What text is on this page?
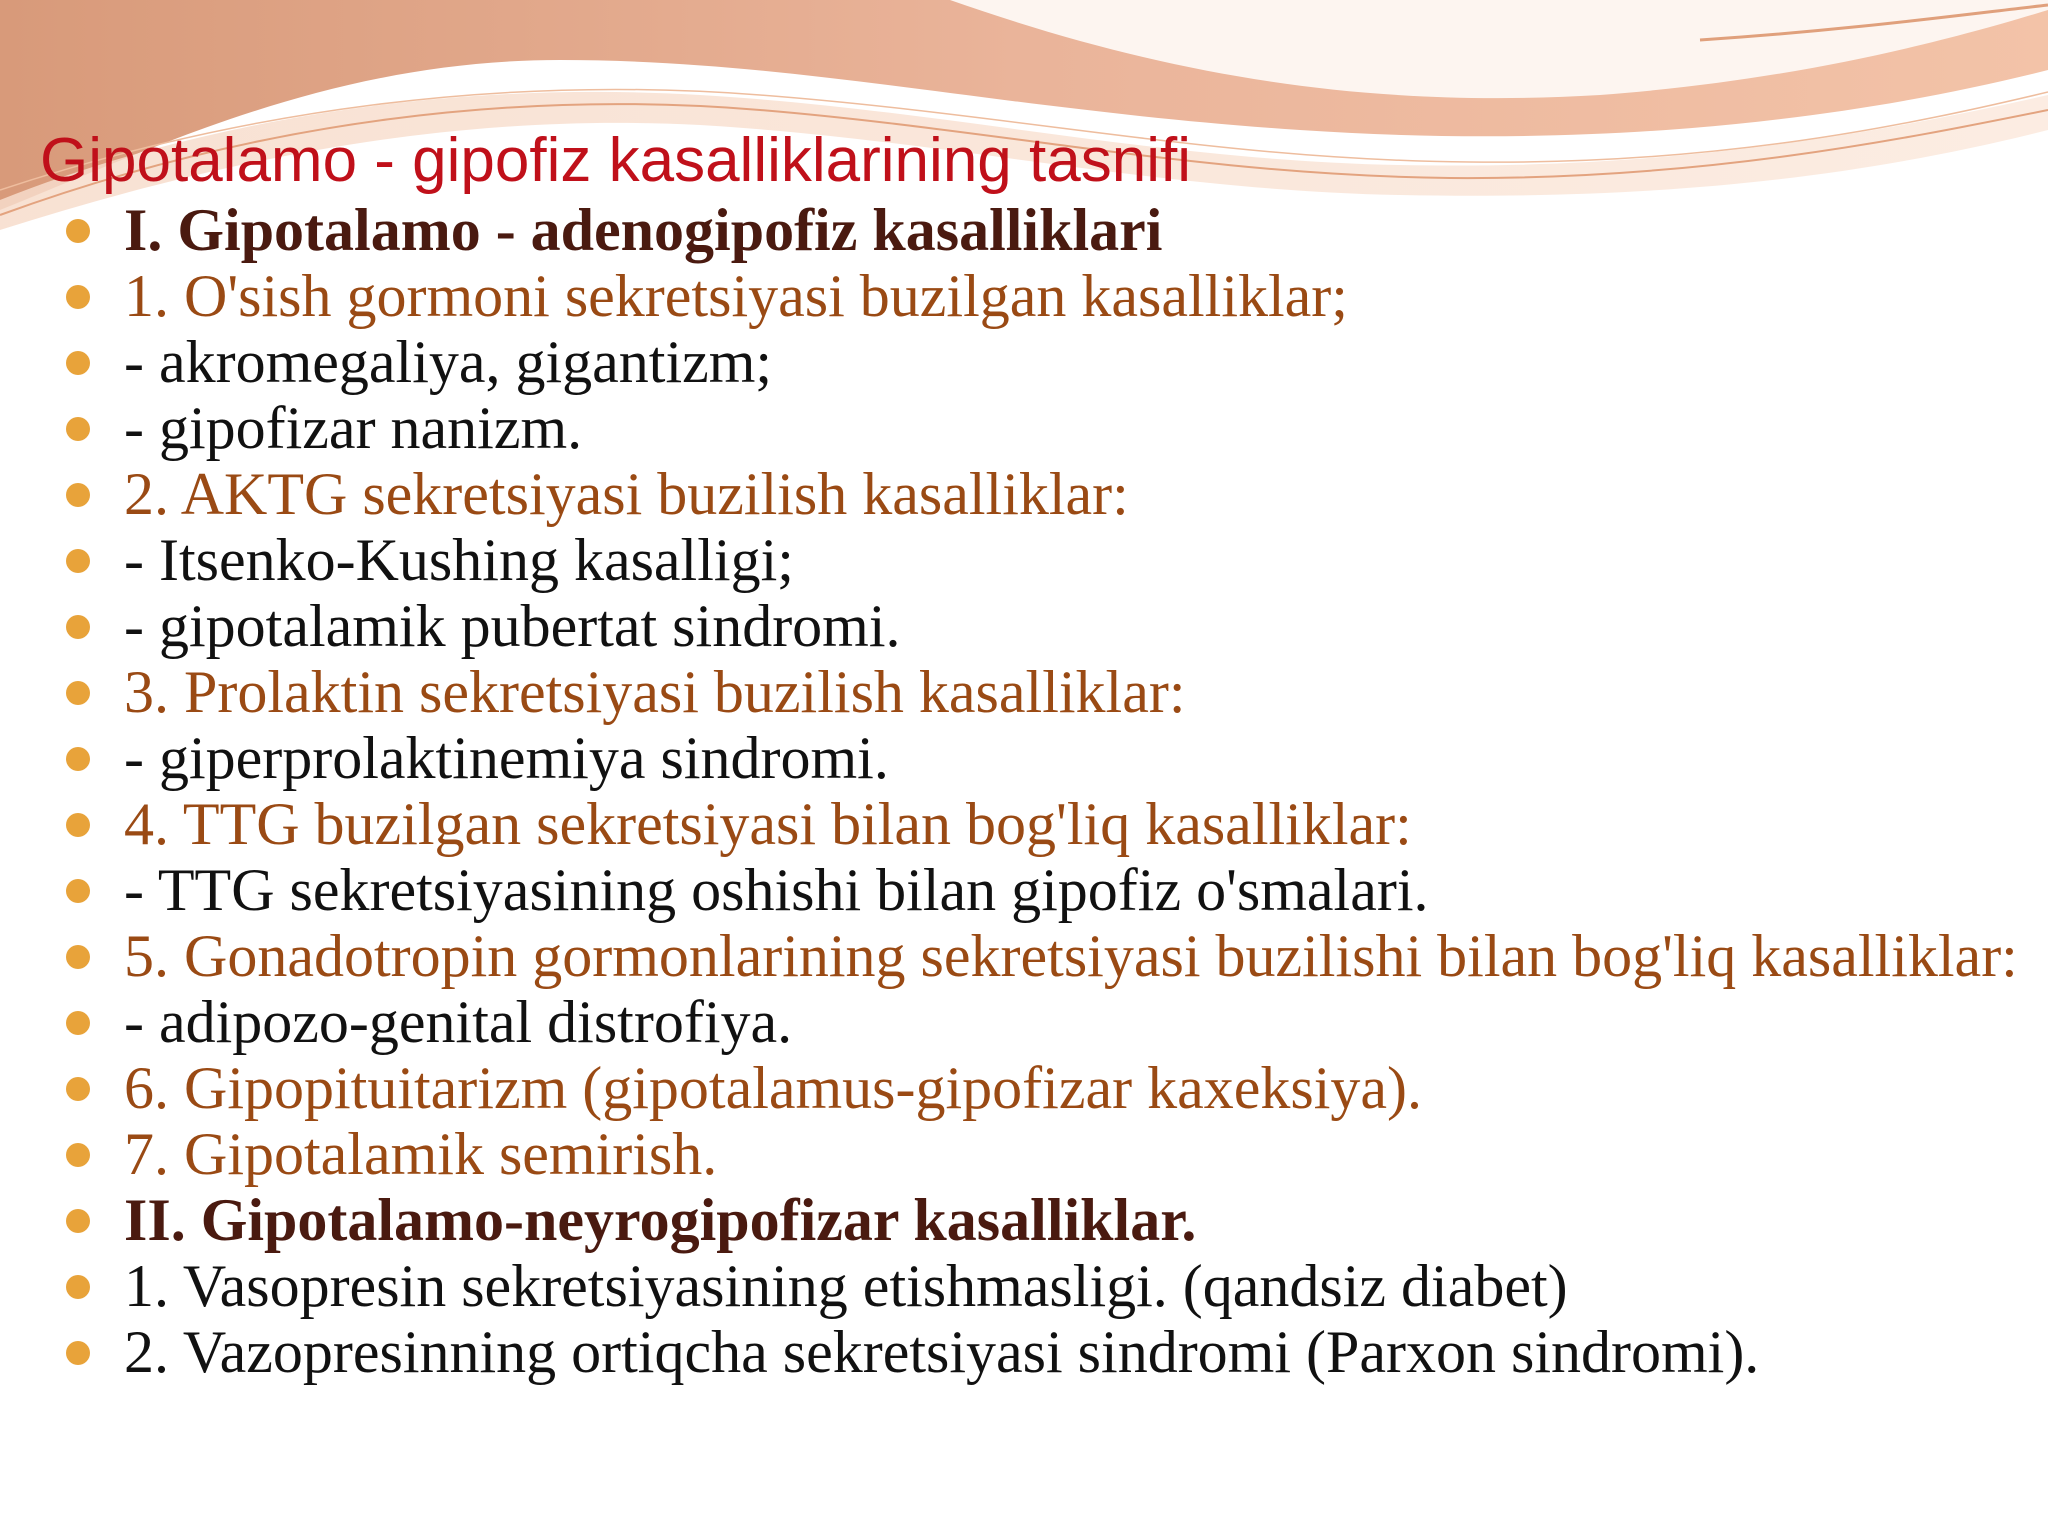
Gipotalamo - gipofiz kasalliklarining tasnifi
I. Gipotalamo - adenogipofiz kasalliklari
1. O'sish gormoni sekretsiyasi buzilgan kasalliklar;
- akromegaliya, gigantizm;
- gipofizar nanizm.
2. AKTG sekretsiyasi buzilish kasalliklar:
- Itsenko-Kushing kasalligi;
- gipotalamik pubertat sindromi.
3. Prolaktin sekretsiyasi buzilish kasalliklar:
- giperprolaktinemiya sindromi.
4. TTG buzilgan sekretsiyasi bilan bog'liq kasalliklar:
- TTG sekretsiyasining oshishi bilan gipofiz o'smalari.
5. Gonadotropin gormonlarining sekretsiyasi buzilishi bilan bog'liq kasalliklar:
- adipozo-genital distrofiya.
6. Gipopituitarizm (gipotalamus-gipofizar kaxeksiya).
7. Gipotalamik semirish.
II. Gipotalamo-neyrogipofizar kasalliklar.
1. Vasopresin sekretsiyasining etishmasligi. (qandsiz diabet)
2. Vazopresinning ortiqcha sekretsiyasi sindromi (Parxon sindromi).
